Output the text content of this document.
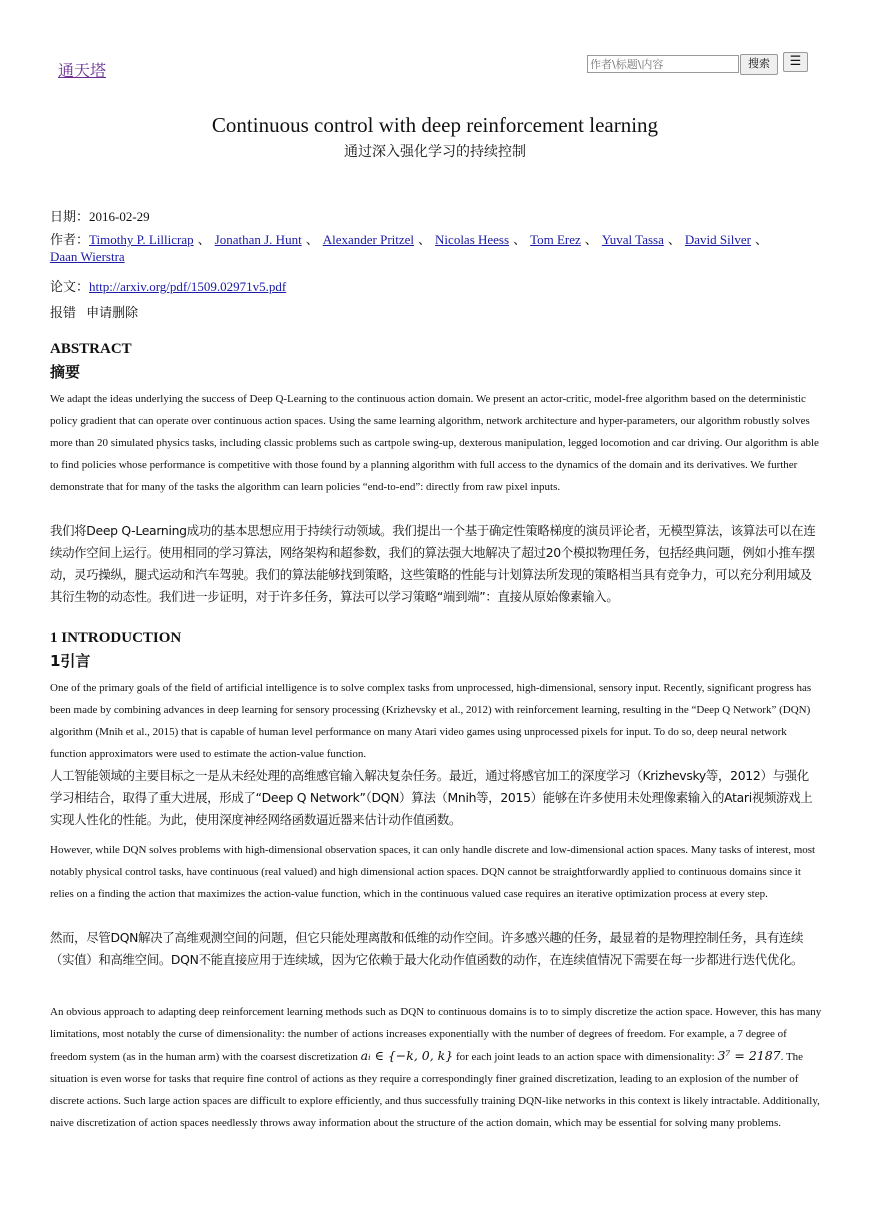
通天塔
作者\标题\内容	搜索	☰
Continuous control with deep reinforcement learning
通过深入强化学习的持续控制
日期：2016-02-29
作者：Timothy P. Lillicrap 、 Jonathan J. Hunt 、 Alexander Pritzel 、 Nicolas Heess 、 Tom Erez 、 Yuval Tassa 、 David Silver 、
Daan Wierstra
论文：http://arxiv.org/pdf/1509.02971v5.pdf
报错 申请删除
ABSTRACT
摘要
We adapt the ideas underlying the success of Deep Q-Learning to the continuous action domain. We present an actor-critic, model-free algorithm based on the deterministic policy gradient that can operate over continuous action spaces. Using the same learning algorithm, network architecture and hyper-parameters, our algorithm robustly solves more than 20 simulated physics tasks, including classic problems such as cartpole swing-up, dexterous manipulation, legged locomotion and car driving. Our algorithm is able to find policies whose performance is competitive with those found by a planning algorithm with full access to the dynamics of the domain and its derivatives. We further demonstrate that for many of the tasks the algorithm can learn policies “end-to-end”: directly from raw pixel inputs.
我们将Deep Q-Learning成功的基本思想应用于持续行动领域。我们提出一个基于确定性策略梯度的演员评论者，无模型算法，该算法可以在连续动作空间上运行。使用相同的学习算法，网络架构和超参数，我们的算法强大地解决了超过20个模拟物理任务，包括经典问题，例如小推车摆动，灵巧操纵，腿式运动和汽车驾驶。我们的算法能够找到策略，这些策略的性能与计划算法所发现的策略相当具有竞争力，可以充分利用域及其衍生物的动态性。我们进一步证明，对于许多任务，算法可以学习策略“端到端”：直接从原始像素输入。
1 INTRODUCTION
1引言
One of the primary goals of the field of artificial intelligence is to solve complex tasks from unprocessed, high-dimensional, sensory input. Recently, significant progress has been made by combining advances in deep learning for sensory processing (Krizhevsky et al., 2012) with reinforcement learning, resulting in the “Deep Q Network” (DQN) algorithm (Mnih et al., 2015) that is capable of human level performance on many Atari video games using unprocessed pixels for input. To do so, deep neural network function approximators were used to estimate the action-value function.
人工智能领域的主要目标之一是从未经处理的高维感官输入解决复杂任务。最近，通过将感官加工的深度学习（Krizhevsky等，2012）与强化学习相结合，取得了重大进展，形成了“Deep Q Network”（DQN）算法（Mnih等，2015）能够在许多使用未处理像素输入的Atari视频游戏上实现人性化的性能。为此，使用深度神经网络函数逼近器来估计动作值函数。
However, while DQN solves problems with high-dimensional observation spaces, it can only handle discrete and low-dimensional action spaces. Many tasks of interest, most notably physical control tasks, have continuous (real valued) and high dimensional action spaces. DQN cannot be straightforwardly applied to continuous domains since it relies on a finding the action that maximizes the action-value function, which in the continuous valued case requires an iterative optimization process at every step.
然而，尽管DQN解决了高维观测空间的问题，但它只能处理离散和低维的动作空间。许多感兴趣的任务，最显着的是物理控制任务，具有连续（实值）和高维空间。DQN不能直接应用于连续域，因为它依赖于最大化动作值函数的动作，在连续值情况下需要在每一步都进行迭代优化。
An obvious approach to adapting deep reinforcement learning methods such as DQN to continuous domains is to to simply discretize the action space. However, this has many limitations, most notably the curse of dimensionality: the number of actions increases exponentially with the number of degrees of freedom. For example, a 7 degree of freedom system (as in the human arm) with the coarsest discretization aᵢ ∈ {−k, 0, k} for each joint leads to an action space with dimensionality: 3⁷ = 2187. The situation is even worse for tasks that require fine control of actions as they require a correspondingly finer grained discretization, leading to an explosion of the number of discrete actions. Such large action spaces are difficult to explore efficiently, and thus successfully training DQN-like networks in this context is likely intractable. Additionally, naive discretization of action spaces needlessly throws away information about the structure of the action domain, which may be essential for solving many problems.
